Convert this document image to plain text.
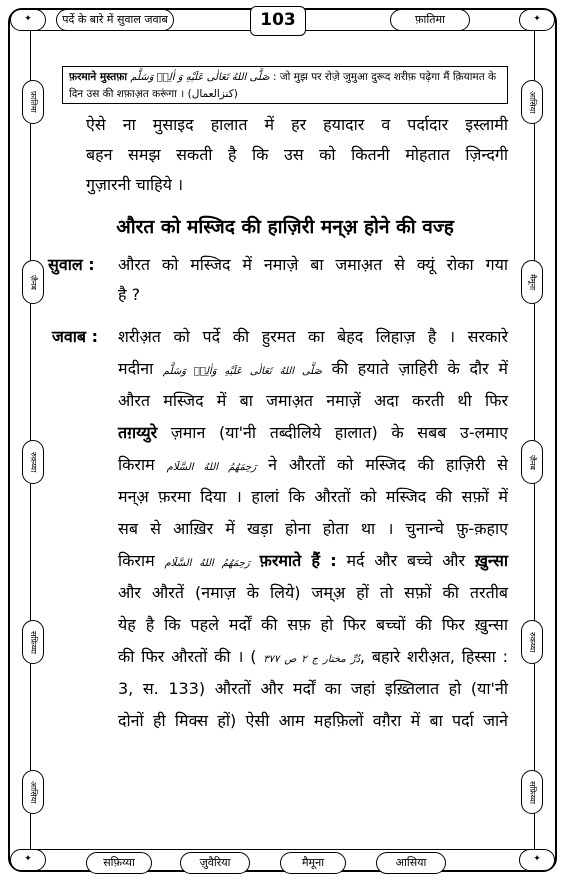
✦	✦
✦	✦
पर्दे के बारे में सुवाल जवाब	103	फ़ातिमा
फ़ातिमा
ज़ैनब
रुक़य्या
सफ़िय्या
आसिया
आसिया
मैमूना
ज़ैनब
रुक़य्या
सफ़िय्या
सफ़िय्या	ज़ुवैरिया	मैमूना	आसिया
फ़रमाने मुस्तफ़ा صَلَّى اللهُ تَعَالٰى عَلَيْهِ وَ اٰلِهٖ وَسَلَّم : जो मुझ पर रोज़े जुमुआ दुरूद शरीफ़ पढ़ेगा मैं क़ियामत के दिन उस की शफ़ाअ़त करूंगा । (کنزالعمال)
ऐसे ना मुसाइद हालात में हर हयादार व पर्दादार इस्लामी
बहन समझ सकती है कि उस को कितनी मोहतात ज़िन्दगी
गुज़ारनी चाहिये ।
औरत को मस्जिद की हाज़िरी मन्अ़ होने की वज्ह
सुवाल :	औरत को मस्जिद में नमाज़े बा जमाअ़त से क्यूं रोका गया
है ?
जवाब :	शरीअ़त को पर्दे की हुरमत का बेहद लिहाज़ है । सरकारे
मदीना صَلَّى اللهُ تَعَالٰى عَلَيْهِ وَاٰلِهٖ وَسَلَّم की हयाते ज़ाहिरी के दौर में
औरत मस्जिद में बा जमाअ़त नमाज़ें अदा करती थी फिर
तग़य्युरे ज़मान (या'नी तब्दीलिये हालात) के सबब उ-लमाए
किराम رَحِمَهُمُ اللهُ السَّلَام ने औरतों को मस्जिद की हाज़िरी से
मन्अ़ फ़रमा दिया । हालां कि औरतों को मस्जिद की सफ़ों में
सब से आख़िर में खड़ा होना होता था । चुनान्चे फ़ु-क़हाए
किराम رَحِمَهُمُ اللهُ السَّلَام फ़रमाते हैं : मर्द और बच्चे और ख़ुन्सा
और औरतें (नमाज़ के लिये) जम्अ़ हों तो सफ़ों की तरतीब
येह है कि पहले मर्दों की सफ़ हो फिर बच्चों की फिर ख़ुन्सा
की फिर औरतों की । ( دُرِّ مختار ج ٢ ص ٣٧٧, बहारे शरीअ़त, हिस्सा :
3, स. 133) औरतों और मर्दों का जहां इख़्तिलात हो (या'नी
दोनों ही मिक्स हों) ऐसी आम महफ़िलों वग़ैरा में बा पर्दा जाने
